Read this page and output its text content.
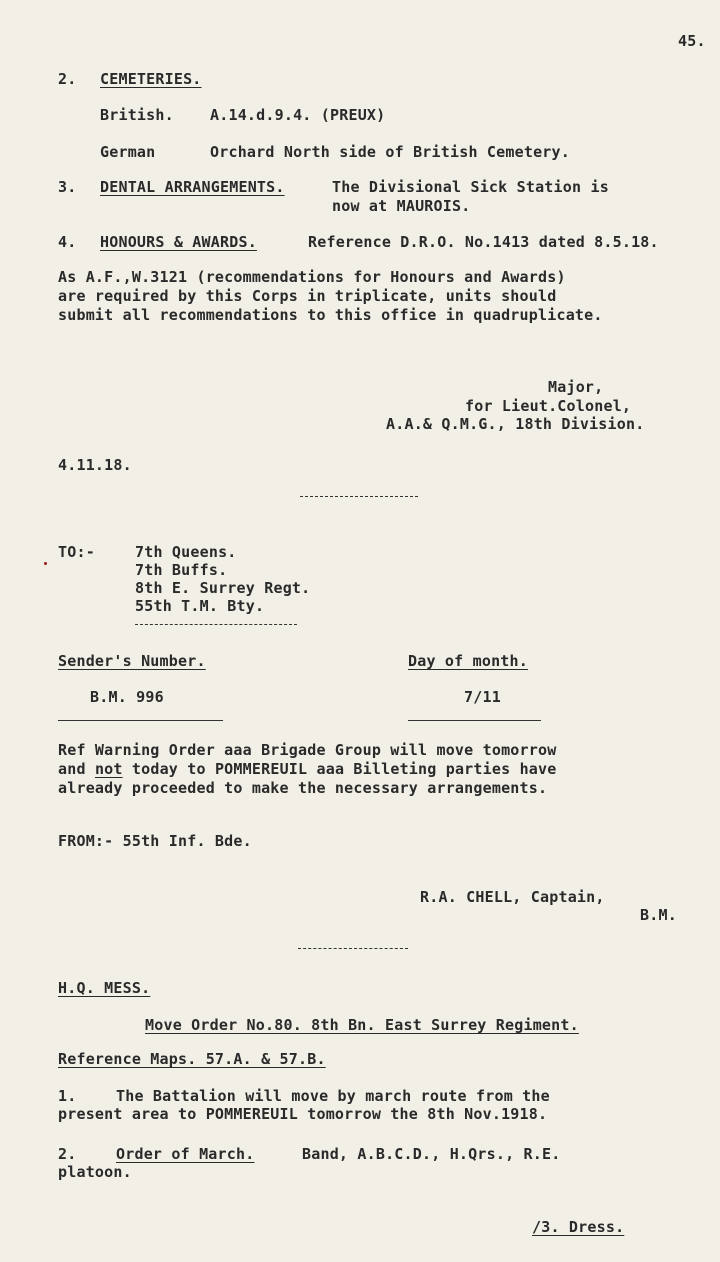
45.
2. CEMETERIES.
British. A.14.d.9.4. (PREUX)
German	Orchard North side of British Cemetery.
3. DENTAL ARRANGEMENTS.	The Divisional Sick Station is
now at MAUROIS.
4. HONOURS & AWARDS.	Reference D.R.O. No.1413 dated 8.5.18.
As A.F.,W.3121 (recommendations for Honours and Awards)
are required by this Corps in triplicate, units should
submit all recommendations to this office in quadruplicate.
Major,
for Lieut.Colonel,
A.A.& Q.M.G., 18th Division.
4.11.18.
TO:-	7th Queens.
7th Buffs.
8th E. Surrey Regt.
55th T.M. Bty.
Sender's Number.	Day of month.
B.M. 996	7/11
Ref Warning Order aaa Brigade Group will move tomorrow
and not today to POMMEREUIL aaa Billeting parties have
already proceeded to make the necessary arrangements.
FROM:- 55th Inf. Bde.
R.A. CHELL, Captain,
B.M.
H.Q. MESS.
Move Order No.80. 8th Bn. East Surrey Regiment.
Reference Maps. 57.A. & 57.B.
1.	The Battalion will move by march route from the
present area to POMMEREUIL tomorrow the 8th Nov.1918.
2.	Order of March.	Band, A.B.C.D., H.Qrs., R.E.
platoon.
/3. Dress.
